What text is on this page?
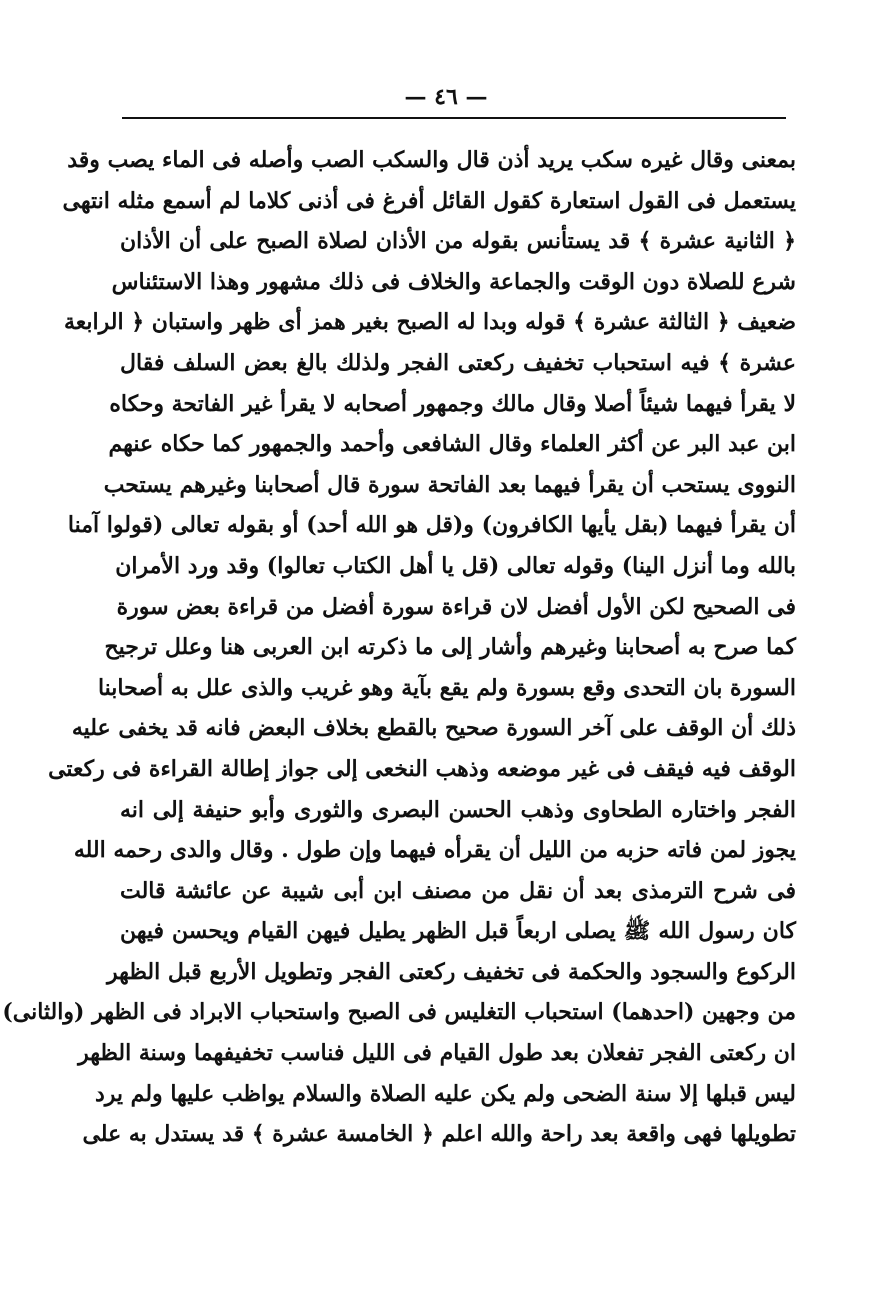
— ٤٦ —
بمعنى وقال غيره سكب يريد أذن قال والسكب الصب وأصله فى الماء يصب وقد
يستعمل فى القول استعارة كقول القائل أفرغ فى أذنى كلاما لم أسمع مثله انتهى
﴿ الثانية عشرة ﴾ قد يستأنس بقوله من الأذان لصلاة الصبح على أن الأذان
شرع للصلاة دون الوقت والجماعة والخلاف فى ذلك مشهور وهذا الاستئناس
ضعيف ﴿ الثالثة عشرة ﴾ قوله وبدا له الصبح بغير همز أى ظهر واستبان ﴿ الرابعة
عشرة ﴾ فيه استحباب تخفيف ركعتى الفجر ولذلك بالغ بعض السلف فقال
لا يقرأ فيهما شيئاً أصلا وقال مالك وجمهور أصحابه لا يقرأ غير الفاتحة وحكاه
ابن عبد البر عن أكثر العلماء وقال الشافعى وأحمد والجمهور كما حكاه عنهم
النووى يستحب أن يقرأ فيهما بعد الفاتحة سورة قال أصحابنا وغيرهم يستحب
أن يقرأ فيهما (بقل يأيها الكافرون) و(قل هو الله أحد) أو بقوله تعالى (قولوا آمنا
بالله وما أنزل الينا) وقوله تعالى (قل يا أهل الكتاب تعالوا) وقد ورد الأمران
فى الصحيح لكن الأول أفضل لان قراءة سورة أفضل من قراءة بعض سورة
كما صرح به أصحابنا وغيرهم وأشار إلى ما ذكرته ابن العربى هنا وعلل ترجيح
السورة بان التحدى وقع بسورة ولم يقع بآية وهو غريب والذى علل به أصحابنا
ذلك أن الوقف على آخر السورة صحيح بالقطع بخلاف البعض فانه قد يخفى عليه
الوقف فيه فيقف فى غير موضعه وذهب النخعى إلى جواز إطالة القراءة فى ركعتى
الفجر واختاره الطحاوى وذهب الحسن البصرى والثورى وأبو حنيفة إلى انه
يجوز لمن فاته حزبه من الليل أن يقرأه فيهما وإن طول . وقال والدى رحمه الله
فى شرح الترمذى بعد أن نقل من مصنف ابن أبى شيبة عن عائشة قالت
كان رسول الله ﷺ يصلى اربعاً قبل الظهر يطيل فيهن القيام ويحسن فيهن
الركوع والسجود والحكمة فى تخفيف ركعتى الفجر وتطويل الأربع قبل الظهر
من وجهين (احدهما) استحباب التغليس فى الصبح واستحباب الابراد فى الظهر (والثانى)
ان ركعتى الفجر تفعلان بعد طول القيام فى الليل فناسب تخفيفهما وسنة الظهر
ليس قبلها إلا سنة الضحى ولم يكن عليه الصلاة والسلام يواظب عليها ولم يرد
تطويلها فهى واقعة بعد راحة والله اعلم ﴿ الخامسة عشرة ﴾ قد يستدل به على
